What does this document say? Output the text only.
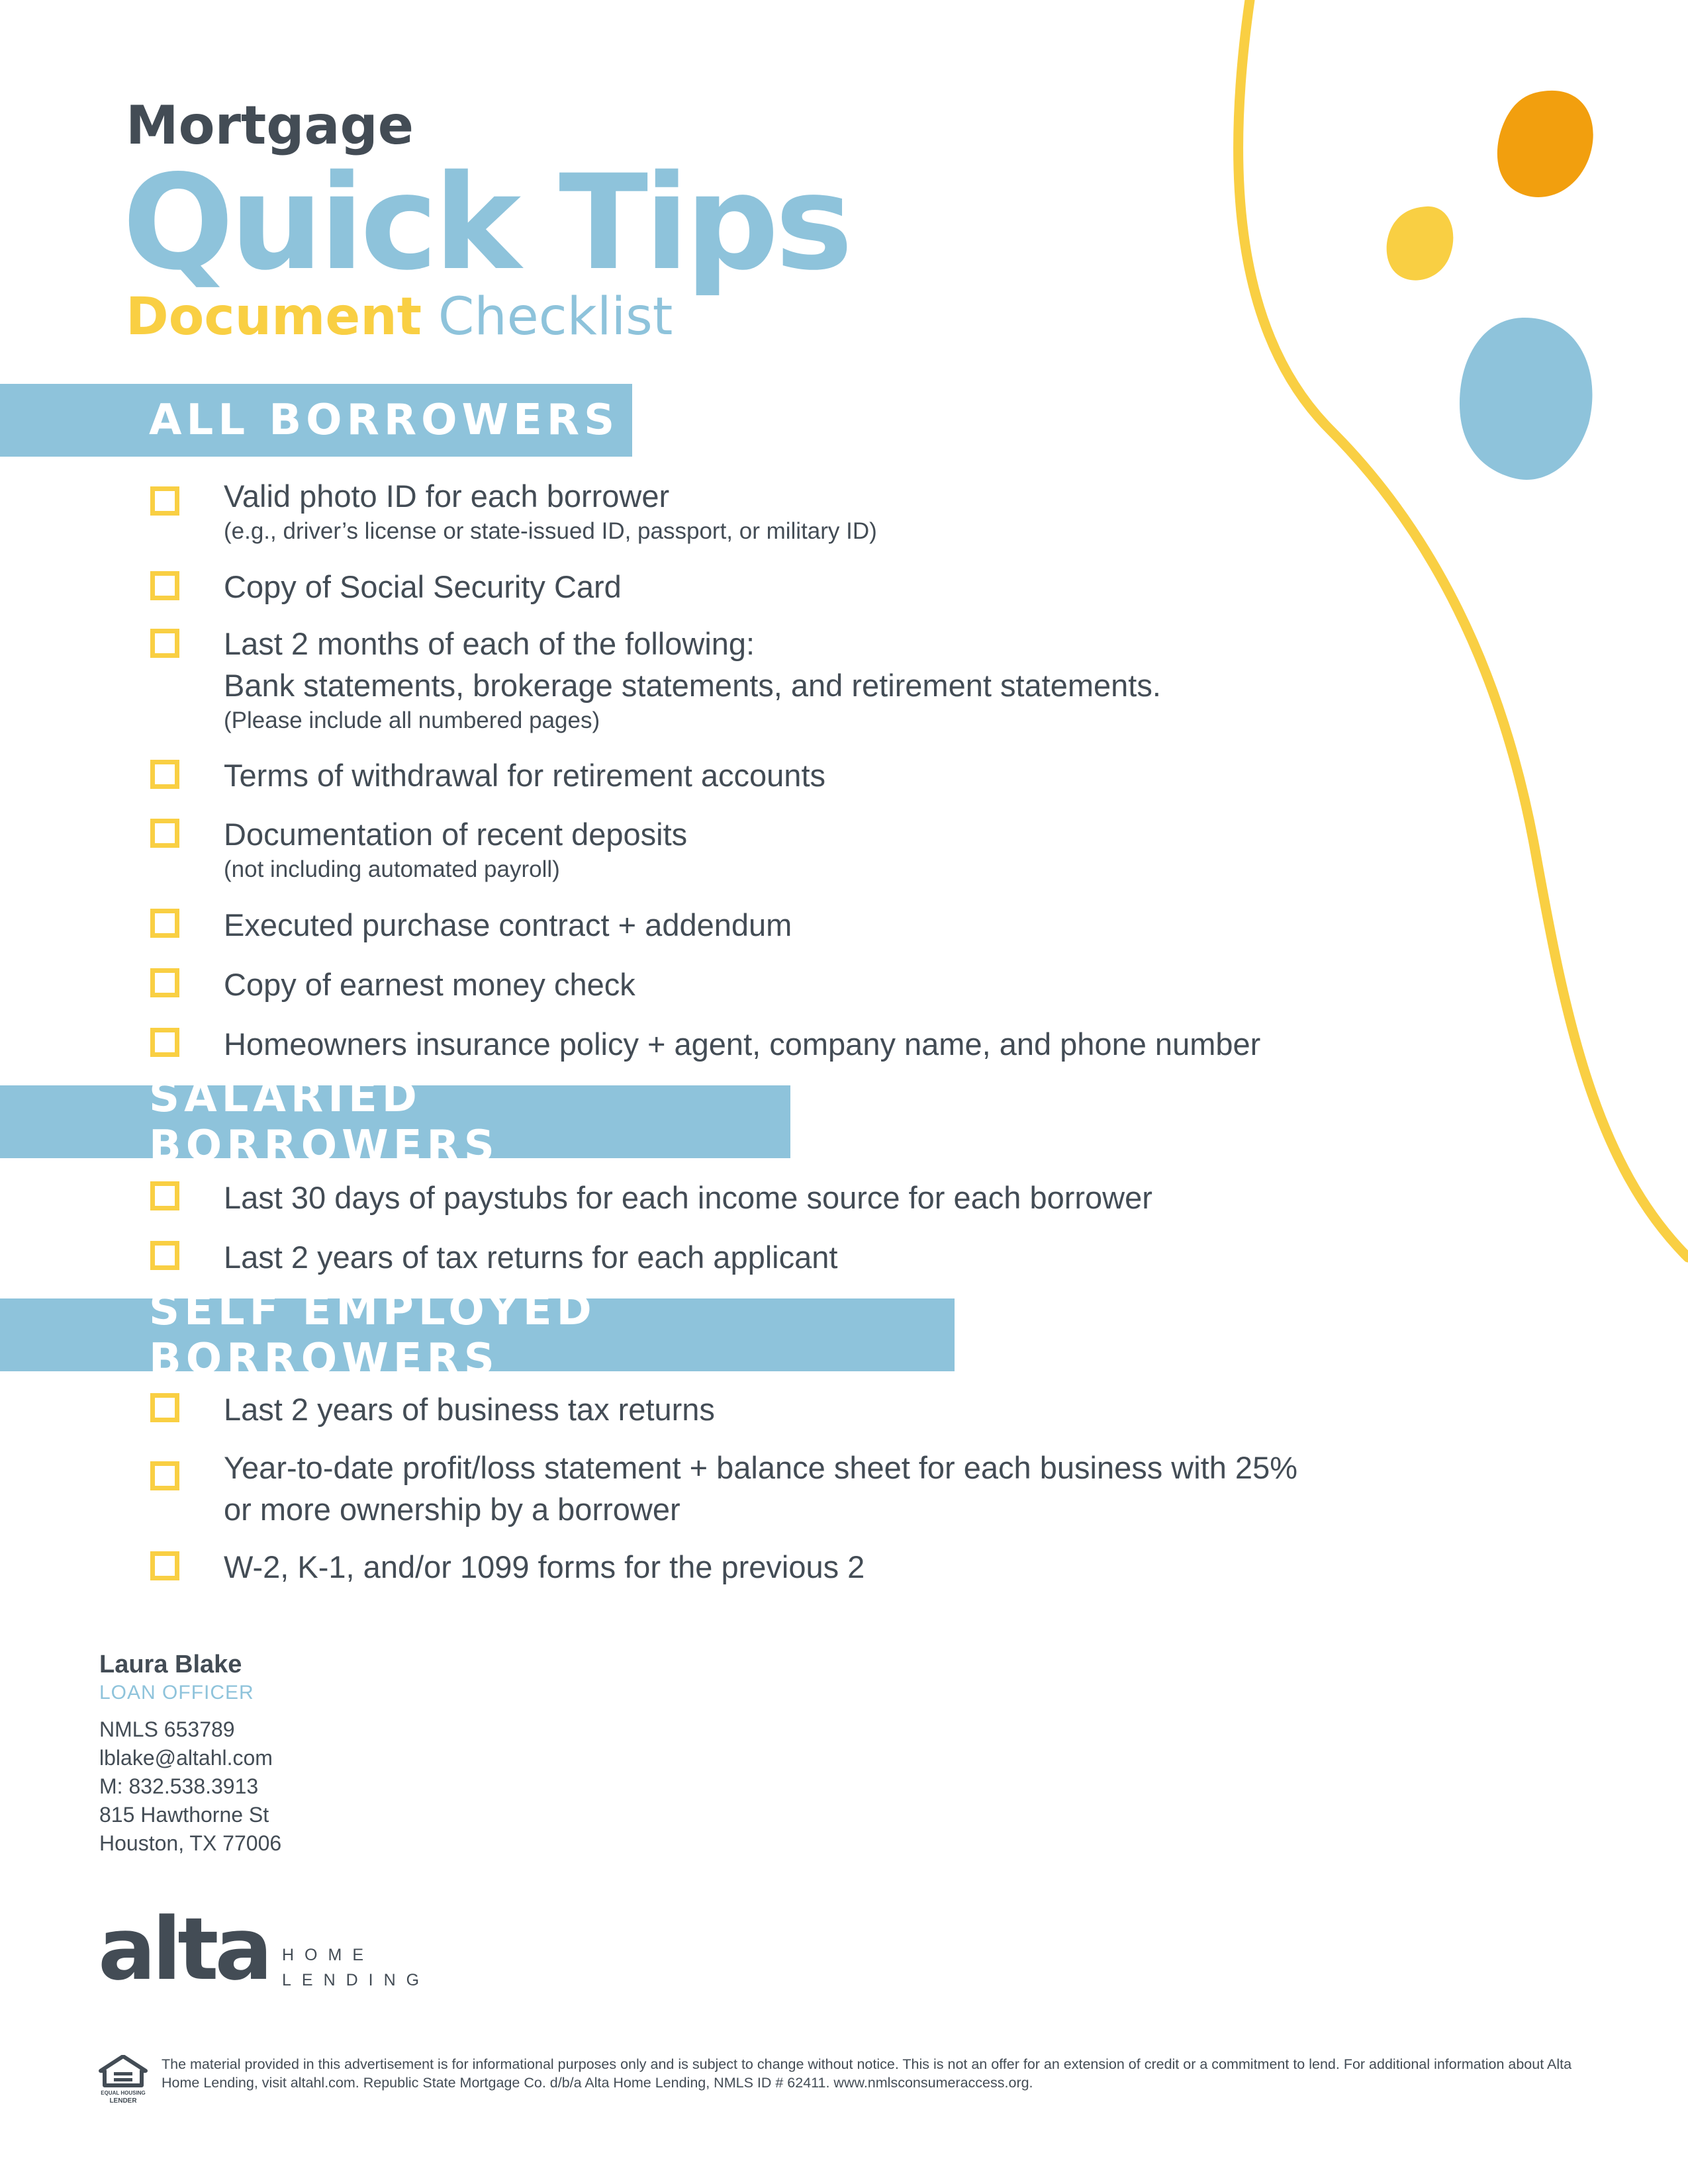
Mortgage
Quick Tips
Document Checklist
ALL BORROWERS
Valid photo ID for each borrower
(e.g., driver’s license or state-issued ID, passport, or military ID)
Copy of Social Security Card
Last 2 months of each of the following:
Bank statements, brokerage statements, and retirement statements.
(Please include all numbered pages)
Terms of withdrawal for retirement accounts
Documentation of recent deposits
(not including automated payroll)
Executed purchase contract + addendum
Copy of earnest money check
Homeowners insurance policy + agent, company name, and phone number
SALARIED BORROWERS
Last 30 days of paystubs for each income source for each borrower
Last 2 years of tax returns for each applicant
SELF EMPLOYED BORROWERS
Last 2 years of business tax returns
Year-to-date profit/loss statement + balance sheet for each business with 25%
or more ownership by a borrower
W-2, K-1, and/or 1099 forms for the previous 2
Laura Blake
LOAN OFFICER
NMLS 653789
lblake@altahl.com
M: 832.538.3913
815 Hawthorne St
Houston, TX 77006
alta HOME
LENDING
EQUAL HOUSING
LENDER
The material provided in this advertisement is for informational purposes only and is subject to change without notice. This is not an offer for an extension of credit or a commitment to lend. For additional information about Alta Home Lending, visit altahl.com. Republic State Mortgage Co. d/b/a Alta Home Lending, NMLS ID # 62411. www.nmlsconsumeraccess.org.
